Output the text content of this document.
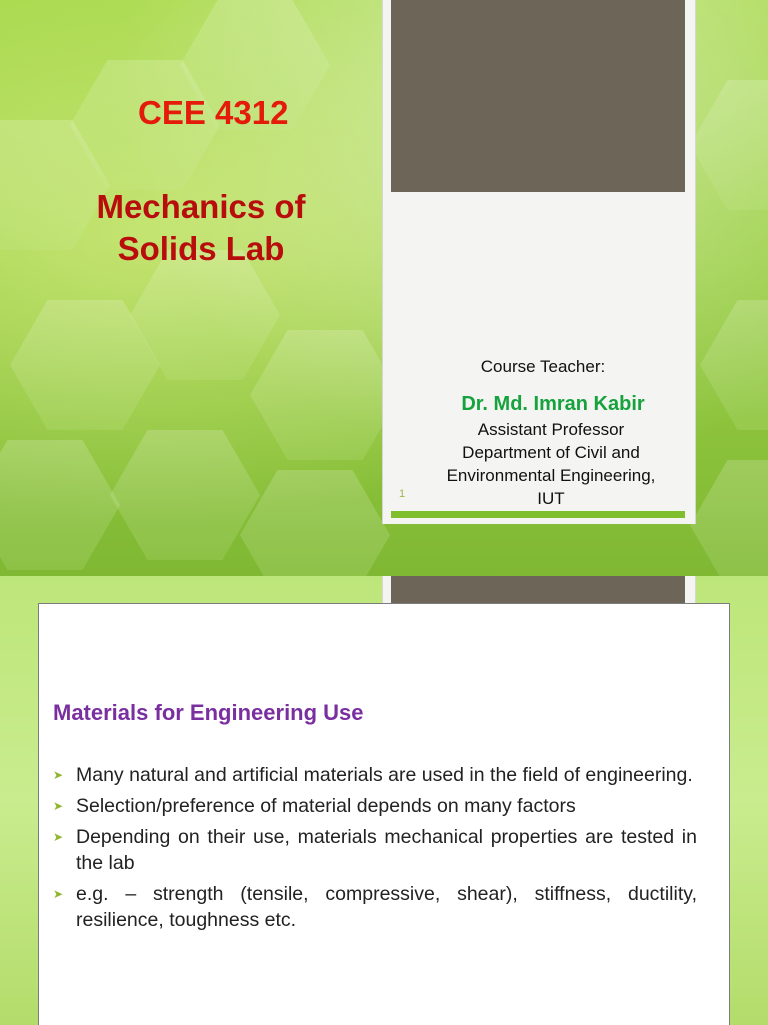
CEE 4312
Mechanics of
Solids Lab
Course Teacher:
Dr. Md. Imran Kabir
Assistant Professor
Department of Civil and
Environmental Engineering,
IUT
1
Materials for Engineering Use
➤ Many natural and artificial materials are used in the field of engineering.
➤ Selection/preference of material depends on many factors
➤ Depending on their use, materials mechanical properties are tested in the lab
➤ e.g. – strength (tensile, compressive, shear), stiffness, ductility, resilience, toughness etc.
